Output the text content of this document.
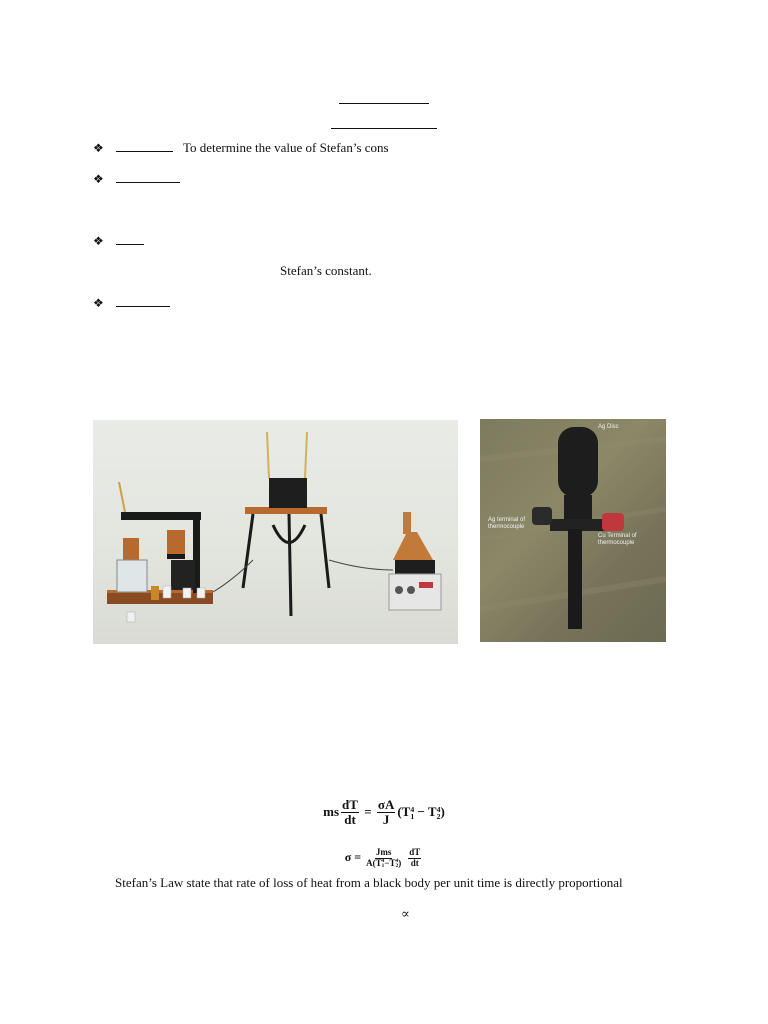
❖	To determine the value of Stefan’s cons
❖
❖
Stefan’s constant.
❖
Ag Disc
Ag terminal of thermocouple
Cu Terminal of thermocouple
ms $\frac{dT}{dt} = \frac{\sigma A}{J} (T$ 4
1 − T 4
2 )
σ = Jms
A(T 4
1 −T 4
2 )
$\frac{dT}{dt}$
Stefan’s Law state that rate of loss of heat from a black body per unit time is directly proportional
∝
